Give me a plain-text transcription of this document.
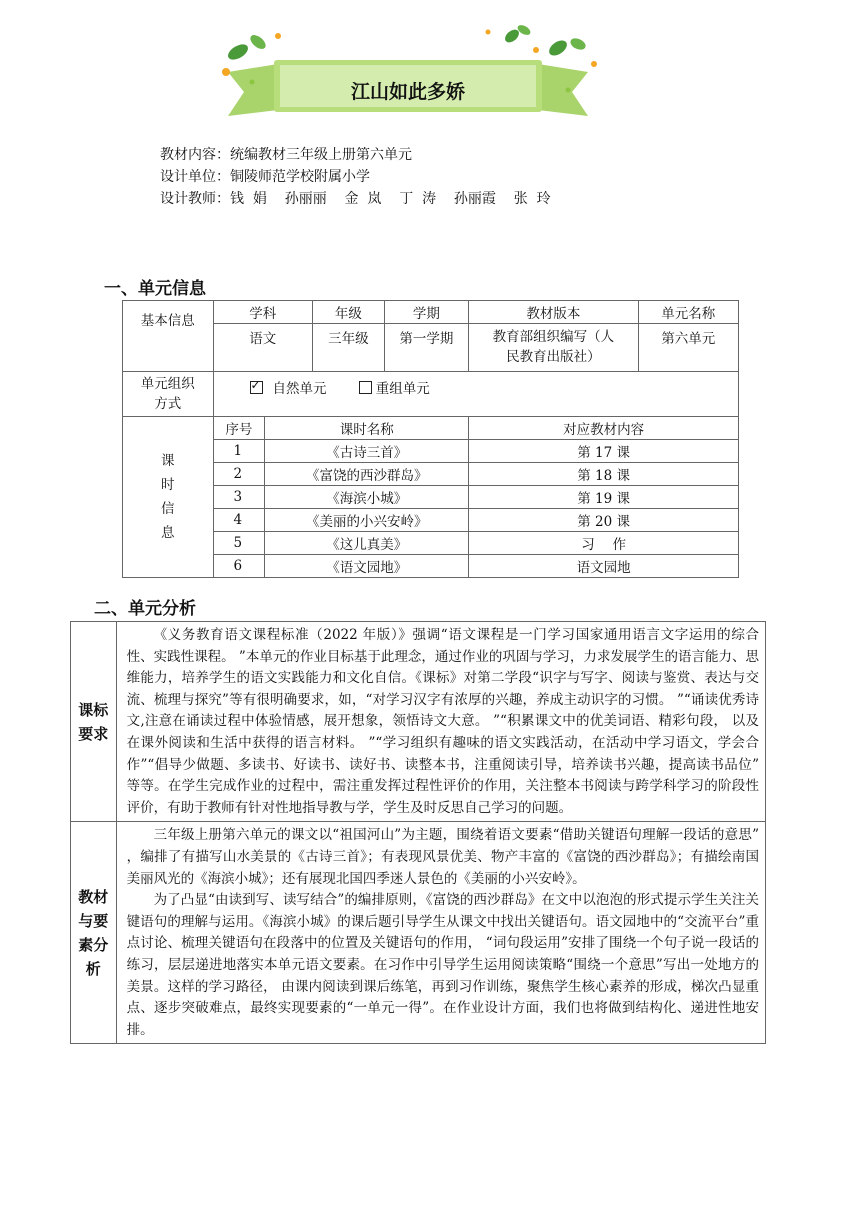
江山如此多娇
教材内容：统编教材三年级上册第六单元
设计单位：铜陵师范学校附属小学
设计教师：钱  娟    孙丽丽    金  岚    丁  涛    孙丽霞    张  玲
一、单元信息
基本信息	学科		年级	学期	教材版本	单元名称
	语文		三年级	第一学期	教育部组织编写（人民教育出版社）	第六单元
单元组织方式	✓自然单元 重组单元
课时信息	序号	课时名称			对应教材内容	
	1	《古诗三首》			第 17 课	
	2	《富饶的西沙群岛》			第 18 课	
	3	《海滨小城》			第 19 课	
	4	《美丽的小兴安岭》			第 20 课	
	5	《这儿真美》			习　 作	
	6	《语文园地》			语文园地	
二、单元分析
课标要求	《义务教育语文课程标准（2022 年版）》强调“语文课程是一门学习国家通用语言文字运用的综合性、实践性课程。 ”本单元的作业目标基于此理念，通过作业的巩固与学习，力求发展学生的语言能力、思维能力，培养学生的语文实践能力和文化自信。《课标》对第二学段“识字与写字、阅读与鉴赏、表达与交流、梳理与探究”等有很明确要求，如，“对学习汉字有浓厚的兴趣，养成主动识字的习惯。 ”“诵读优秀诗文,注意在诵读过程中体验情感，展开想象，领悟诗文大意。 ”“积累课文中的优美词语、精彩句段， 以及在课外阅读和生活中获得的语言材料。 ”“学习组织有趣味的语文实践活动，在活动中学习语文，学会合作”“倡导少做题、多读书、好读书、读好书、读整本书，注重阅读引导，培养读书兴趣，提高读书品位” 等等。在学生完成作业的过程中，需注重发挥过程性评价的作用，关注整本书阅读与跨学科学习的阶段性评价，有助于教师有针对性地指导教与学，学生及时反思自己学习的问题。

教材与要素分析	三年级上册第六单元的课文以“祖国河山”为主题，围绕着语文要素“借助关键语句理解一段话的意思” ，编排了有描写山水美景的《古诗三首》；有表现风景优美、物产丰富的《富饶的西沙群岛》；有描绘南国美丽风光的《海滨小城》；还有展现北国四季迷人景色的《美丽的小兴安岭》。

为了凸显“由读到写、读写结合”的编排原则，《富饶的西沙群岛》在文中以泡泡的形式提示学生关注关键语句的理解与运用。《海滨小城》的课后题引导学生从课文中找出关键语句。语文园地中的“交流平台”重点讨论、梳理关键语句在段落中的位置及关键语句的作用， “词句段运用”安排了围绕一个句子说一段话的练习，层层递进地落实本单元语文要素。在习作中引导学生运用阅读策略“围绕一个意思”写出一处地方的美景。这样的学习路径， 由课内阅读到课后练笔，再到习作训练，聚焦学生核心素养的形成，梯次凸显重点、逐步突破难点，最终实现要素的“一单元一得”。在作业设计方面，我们也将做到结构化、递进性地安排。
